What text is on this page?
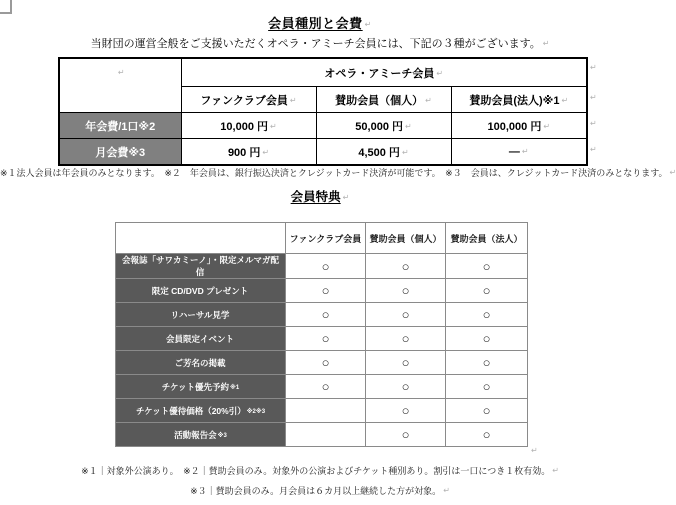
会員種別と会費 ↵
当財団の運営全般をご支援いただくオペラ・アミーチ会員には、下記の３種がございます。 ↵
↵	オペラ・アミーチ会員 ↵		
	ファンクラブ会員 ↵	賛助会員（個人） ↵	賛助会員(法人)※1 ↵
年会費/1口※2	10,000 円 ↵	50,000 円 ↵	100,000 円 ↵
月会費※3	900 円 ↵	4,500 円 ↵	― ↵
↵
↵
↵
↵
※１法人会員は年会員のみとなります。　※２　年会員は、銀行振込決済とクレジットカード決済が可能です。　※３　会員は、クレジットカード決済のみとなります。 ↵
会員特典 ↵
	ファンクラブ会員	賛助会員（個人）	賛助会員（法人）
会報誌「サワカミーノ」・限定メルマガ配信	○	○	○
限定 CD/DVD プレゼント	○	○	○
リハーサル見学	○	○	○
会員限定イベント	○	○	○
ご芳名の掲載	○	○	○
チケット優先予約※1	○	○	○
チケット優待価格（20%引）※2※3		○	○
活動報告会※3		○	○
↵
※１｜対象外公演あり。　※２｜賛助会員のみ。対象外の公演およびチケット種別あり。割引は一口につき１枚有効。 ↵
※３｜賛助会員のみ。月会員は６カ月以上継続した方が対象。 ↵
